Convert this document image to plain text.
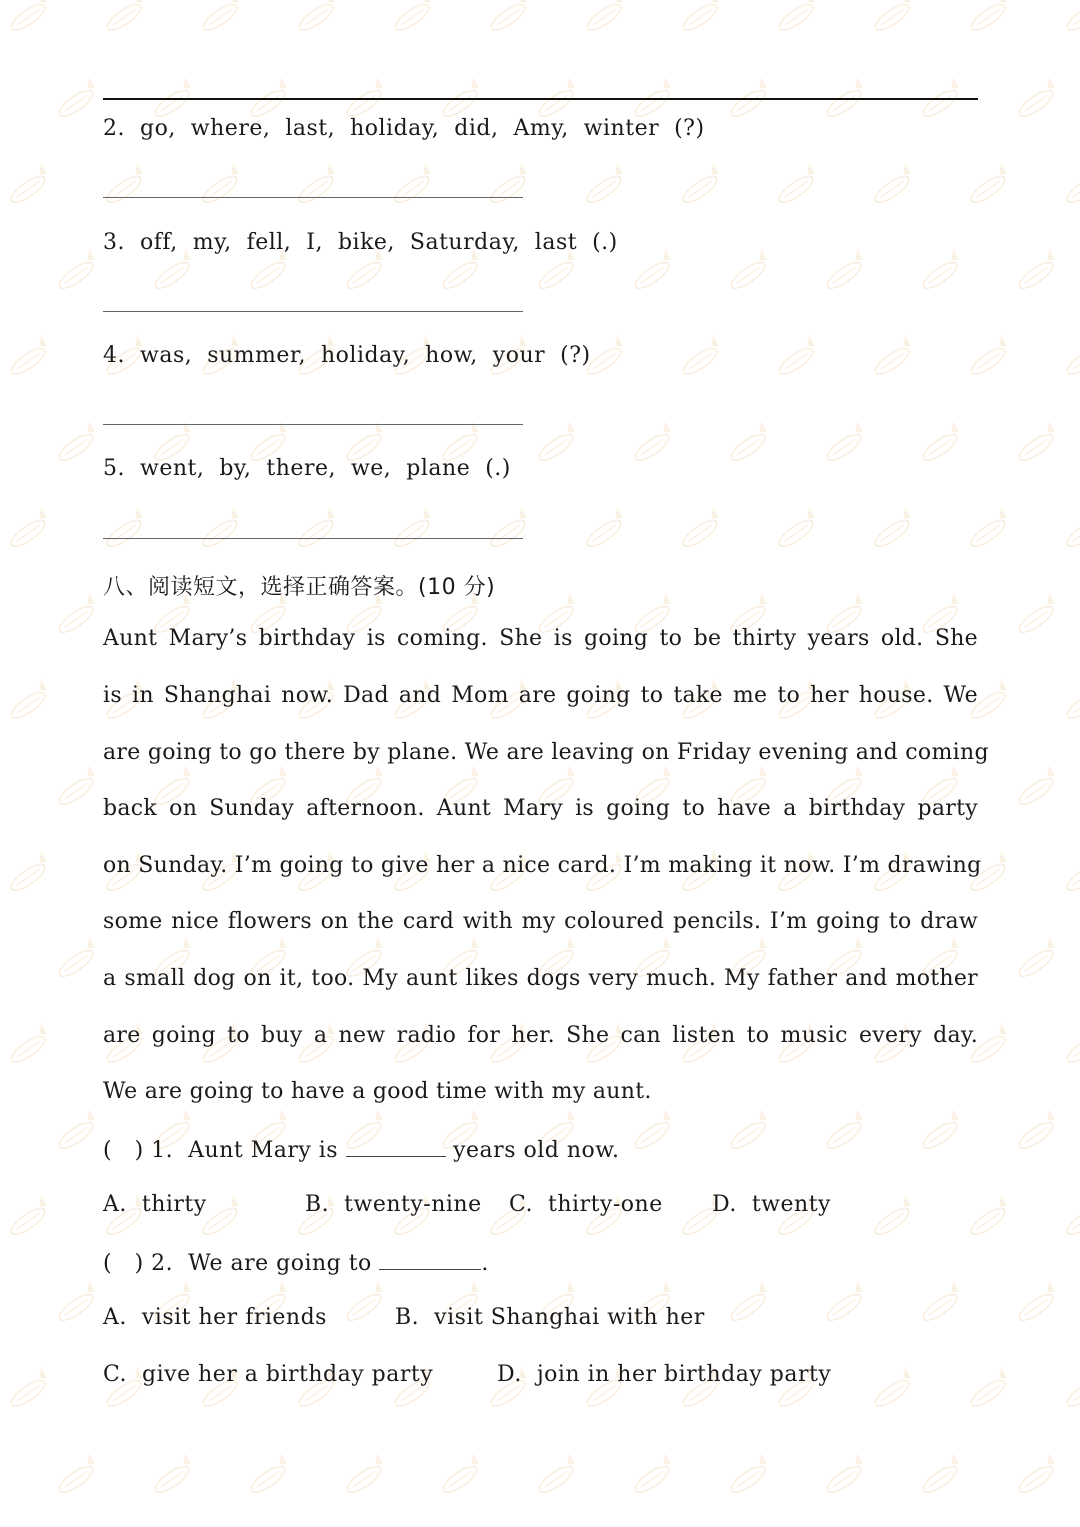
2. go,  where,  last,  holiday,  did,  Amy,  winter  (?)
3. off,  my,  fell,  I,  bike,  Saturday,  last  (.)
4. was,  summer,  holiday,  how,  your  (?)
5. went,  by,  there,  we,  plane  (.)
八、阅读短文，选择正确答案。(10 分)
Aunt Mary’s birthday is coming. She is going to be thirty years old. She
is in Shanghai now. Dad and Mom are going to take me to her house. We
are going to go there by plane. We are leaving on Friday evening and coming
back on Sunday afternoon. Aunt Mary is going to have a birthday party
on Sunday. I’m going to give her a nice card. I’m making it now. I’m drawing
some nice flowers on the card with my coloured pencils. I’m going to draw
a small dog on it, too. My aunt likes dogs very much. My father and mother
are going to buy a new radio for her. She can listen to music every day.
We are going to have a good time with my aunt.
(   ) 1.  Aunt Mary is	years old now.
A.  thirty	B.  twenty-nine C.  thirty-one D.  twenty
(   ) 2.  We are going to	.
A.  visit her friends	B.  visit Shanghai with her
C.  give her a birthday party	D.  join in her birthday party
